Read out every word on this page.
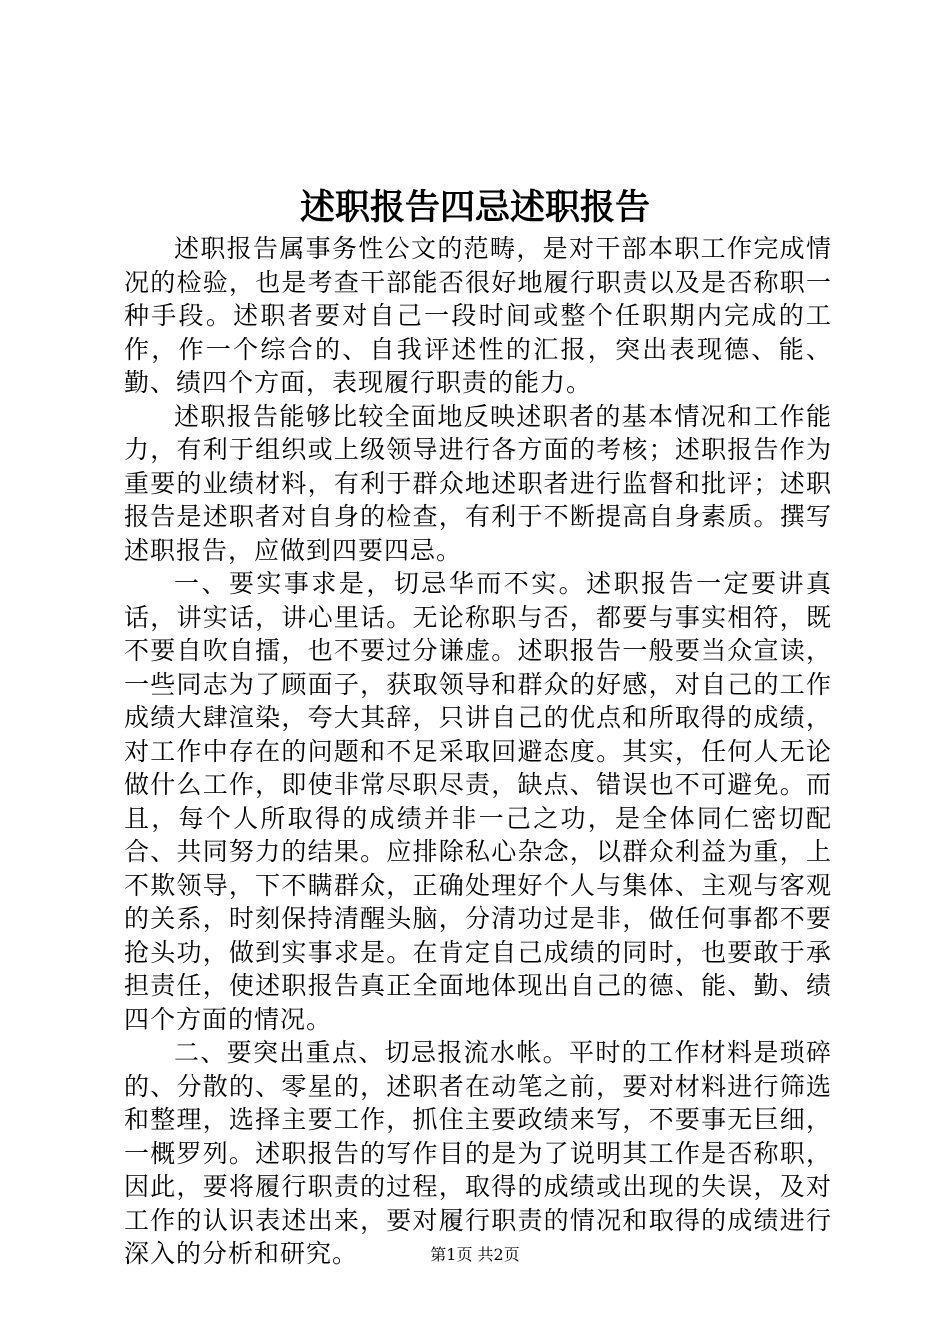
述职报告四忌述职报告

述职报告属事务性公文的范畴，是对干部本职工作完成情况的检验，也是考查干部能否很好地履行职责以及是否称职一种手段。述职者要对自己一段时间或整个任职期内完成的工作，作一个综合的、自我评述性的汇报，突出表现德、能、勤、绩四个方面，表现履行职责的能力。

述职报告能够比较全面地反映述职者的基本情况和工作能力，有利于组织或上级领导进行各方面的考核；述职报告作为重要的业绩材料，有利于群众地述职者进行监督和批评；述职报告是述职者对自身的检查，有利于不断提高自身素质。撰写述职报告，应做到四要四忌。

一、要实事求是，切忌华而不实。述职报告一定要讲真话，讲实话，讲心里话。无论称职与否，都要与事实相符，既不要自吹自擂，也不要过分谦虚。述职报告一般要当众宣读，一些同志为了顾面子，获取领导和群众的好感，对自己的工作成绩大肆渲染，夸大其辞，只讲自己的优点和所取得的成绩，对工作中存在的问题和不足采取回避态度。其实，任何人无论做什么工作，即使非常尽职尽责，缺点、错误也不可避免。而且，每个人所取得的成绩并非一己之功，是全体同仁密切配合、共同努力的结果。应排除私心杂念，以群众利益为重，上不欺领导，下不瞒群众，正确处理好个人与集体、主观与客观的关系，时刻保持清醒头脑，分清功过是非，做任何事都不要抢头功，做到实事求是。在肯定自己成绩的同时，也要敢于承担责任，使述职报告真正全面地体现出自己的德、能、勤、绩四个方面的情况。

二、要突出重点、切忌报流水帐。平时的工作材料是琐碎的、分散的、零星的，述职者在动笔之前，要对材料进行筛选和整理，选择主要工作，抓住主要政绩来写，不要事无巨细，一概罗列。述职报告的写作目的是为了说明其工作是否称职，因此，要将履行职责的过程，取得的成绩或出现的失误，及对工作的认识表述出来，要对履行职责的情况和取得的成绩进行深入的分析和研究。	第1页 共2页
